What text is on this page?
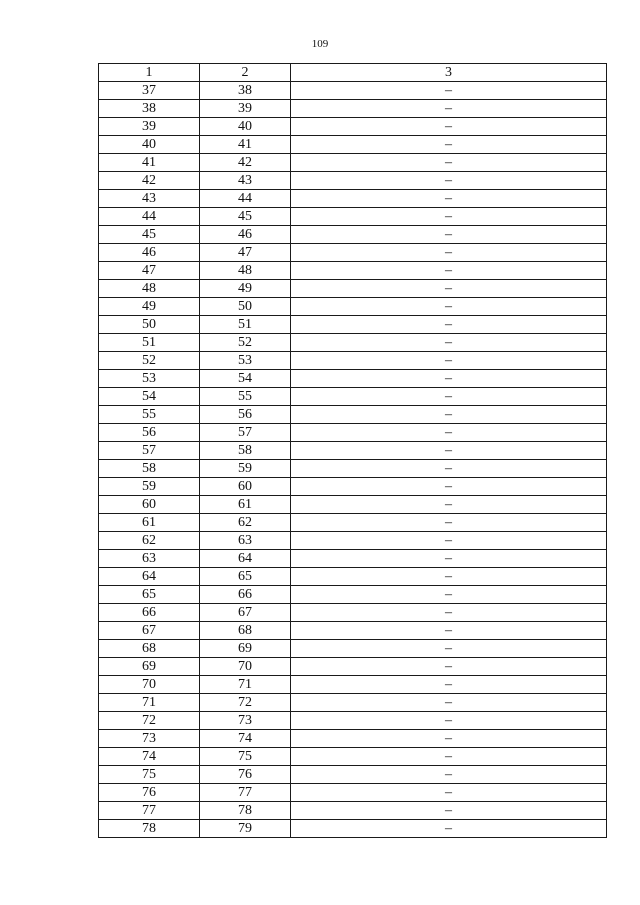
109
1	2	3
37	38	–
38	39	–
39	40	–
40	41	–
41	42	–
42	43	–
43	44	–
44	45	–
45	46	–
46	47	–
47	48	–
48	49	–
49	50	–
50	51	–
51	52	–
52	53	–
53	54	–
54	55	–
55	56	–
56	57	–
57	58	–
58	59	–
59	60	–
60	61	–
61	62	–
62	63	–
63	64	–
64	65	–
65	66	–
66	67	–
67	68	–
68	69	–
69	70	–
70	71	–
71	72	–
72	73	–
73	74	–
74	75	–
75	76	–
76	77	–
77	78	–
78	79	–
